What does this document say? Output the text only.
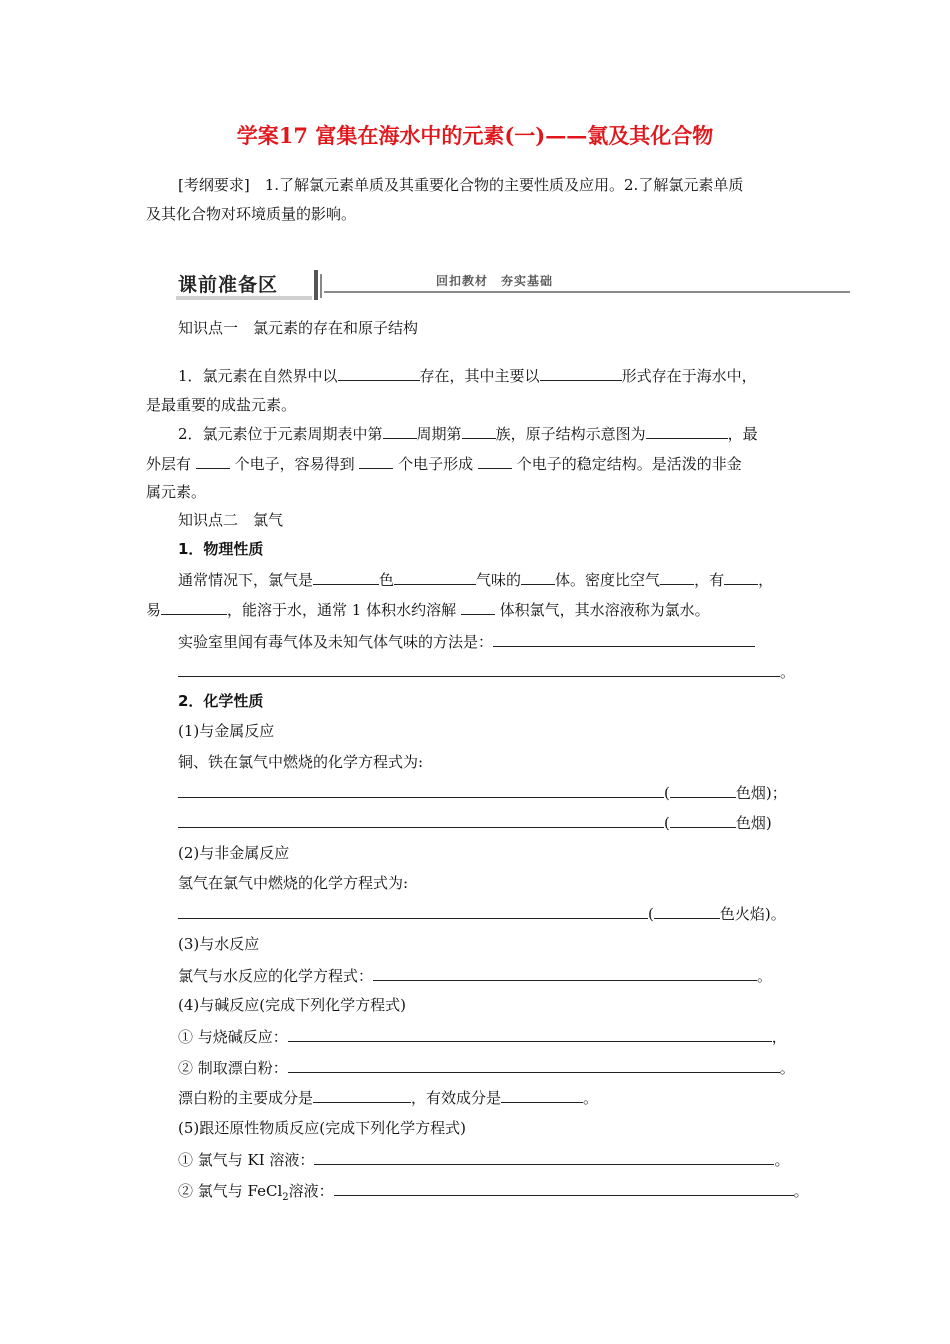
学案17 富集在海水中的元素(一)——氯及其化合物
[考纲要求]　1.了解氯元素单质及其重要化合物的主要性质及应用。2.了解氯元素单质
及其化合物对环境质量的影响。
课前准备区	回扣教材　夯实基础
知识点一　氯元素的存在和原子结构
1．氯元素在自然界中以	存在，其中主要以	形式存在于海水中，
是最重要的成盐元素。
2．氯元素位于元素周期表中第 周期第 族，原子结构示意图为	，最
外层有	个电子，容易得到	个电子形成	个电子的稳定结构。是活泼的非金
属元素。
知识点二　氯气
1．物理性质
通常情况下，氯气是	色	气味的 体。密度比空气 ，有 ，
易	，能溶于水，通常 1 体积水约溶解	体积氯气，其水溶液称为氯水。
实验室里闻有毒气体及未知气体气味的方法是：
。
2．化学性质
(1)与金属反应
铜、铁在氯气中燃烧的化学方程式为:
(	色烟)；
(	色烟)
(2)与非金属反应
氢气在氯气中燃烧的化学方程式为:
(	色火焰)。
(3)与水反应
氯气与水反应的化学方程式：	。
(4)与碱反应(完成下列化学方程式)
① 与烧碱反应：	，
② 制取漂白粉：	。
漂白粉的主要成分是	，有效成分是	。
(5)跟还原性物质反应(完成下列化学方程式)
① 氯气与 KI 溶液：	。
② 氯气与 FeCl$_2$溶液：	。
